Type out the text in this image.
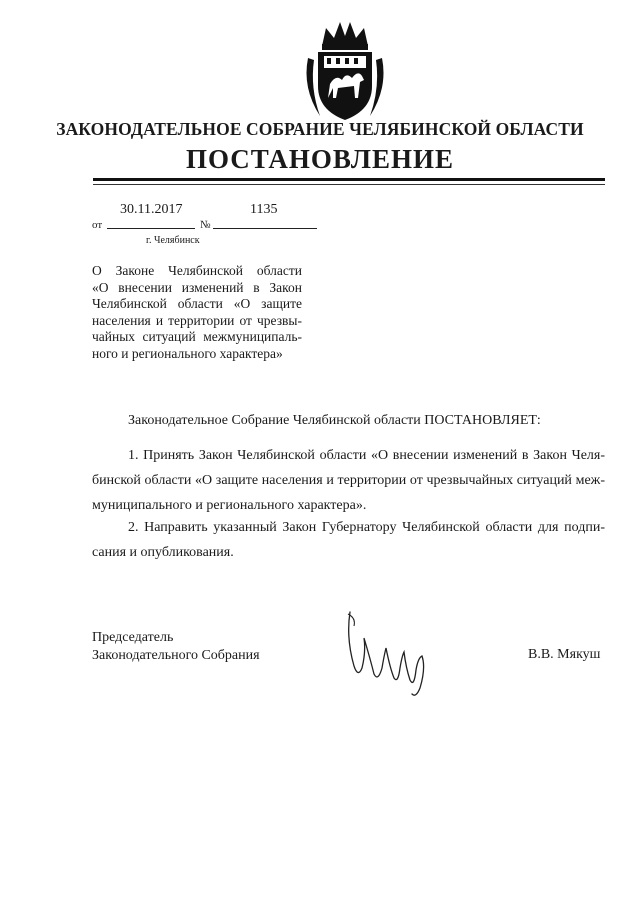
ЗАКОНОДАТЕЛЬНОЕ СОБРАНИЕ ЧЕЛЯБИНСКОЙ ОБЛАСТИ
ПОСТАНОВЛЕНИЕ
30.11.2017	1135
от	№
г. Челябинск
О Законе Челябинской области
«О внесении изменений в Закон
Челябинской области «О защите
населения и территории от чрезвы-
чайных ситуаций межмуниципаль-
ного и регионального характера»
Законодательное Собрание Челябинской области ПОСТАНОВЛЯЕТ:
1. Принять Закон Челябинской области «О внесении изменений в Закон Челя-
бинской области «О защите населения и территории от чрезвычайных ситуаций меж-
муниципального и регионального характера».
2. Направить указанный Закон Губернатору Челябинской области для подпи-
сания и опубликования.
Председатель
Законодательного Собрания	В.В. Мякуш
